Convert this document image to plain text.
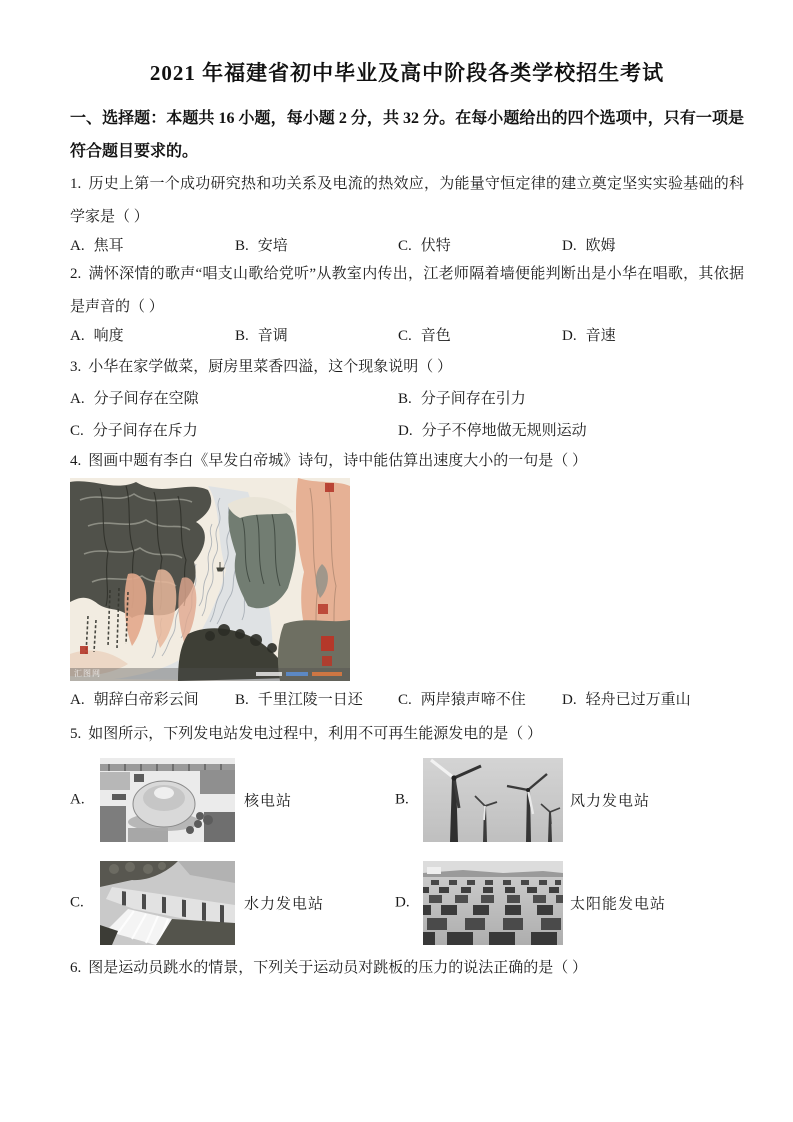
2021 年福建省初中毕业及高中阶段各类学校招生考试

一、选择题：本题共 16 小题，每小题 2 分，共 32 分。在每小题给出的四个选项中，只有一项是符合题目要求的。

1. 历史上第一个成功研究热和功关系及电流的热效应，为能量守恒定律的建立奠定坚实实验基础的科学家是（ ）

A. 焦耳	B. 安培	C. 伏特	D. 欧姆

2. 满怀深情的歌声“唱支山歌给党听”从教室内传出，江老师隔着墙便能判断出是小华在唱歌，其依据是声音的（ ）

A. 响度	B. 音调	C. 音色	D. 音速

3. 小华在家学做菜，厨房里菜香四溢，这个现象说明（ ）

A. 分子间存在空隙	B. 分子间存在引力
C. 分子间存在斥力	D. 分子不停地做无规则运动

4. 图画中题有李白《早发白帝城》诗句，诗中能估算出速度大小的一句是（ ）

汇图网
A. 朝辞白帝彩云间	B. 千里江陵一日还	C. 两岸猿声啼不住	D. 轻舟已过万重山

5. 如图所示，下列发电站发电过程中，利用不可再生能源发电的是（ ）

A.	核电站	B.	风力发电站
C.	水力发电站	D.	太阳能发电站

6. 图是运动员跳水的情景，下列关于运动员对跳板的压力的说法正确的是（ ）
